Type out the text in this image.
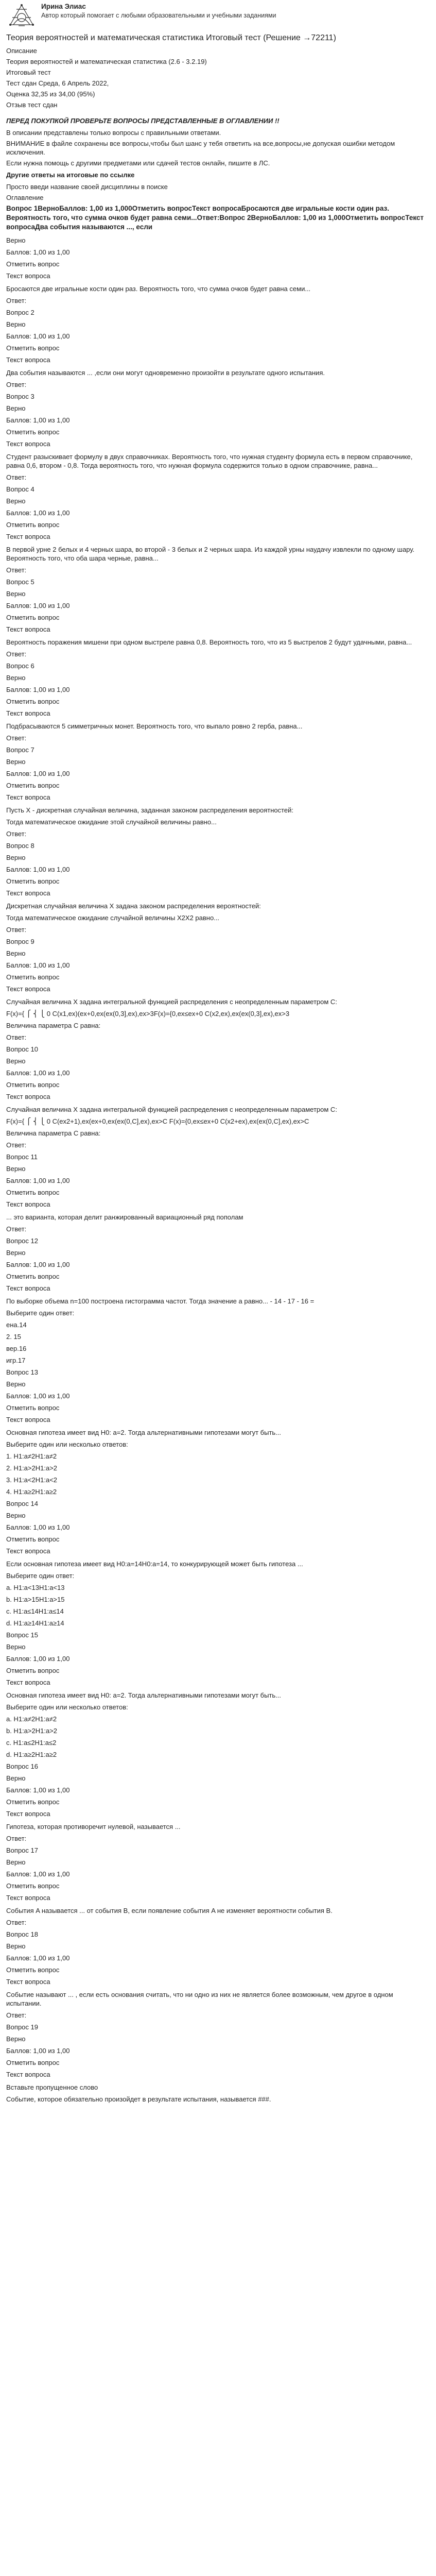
Ирина Элиас
Автор который помогает с любыми образовательными и учебными заданиями
Теория вероятностей и математическая статистика Итоговый тест (Решение →72211)
Описание
Теория вероятностей и математическая статистика (2.6 - 3.2.19)
Итоговый тест
Тест сдан Среда, 6 Апрель 2022,
Оценка 32,35 из 34,00 (95%)
Отзыв тест сдан
ПЕРЕД ПОКУПКОЙ ПРОВЕРЬТЕ ВОПРОСЫ ПРЕДСТАВЛЕННЫЕ В ОГЛАВЛЕНИИ !!
В описании представлены только вопросы с правильными ответами.
ВНИМАНИЕ в файле сохранены все вопросы,чтобы был шанс у тебя ответить на все,вопросы,не допуская ошибки методом исключения.
Если нужна помощь с другими предметами или сдачей тестов онлайн, пишите в ЛС.
Другие ответы на итоговые по ссылке
Просто введи название своей дисциплины в поиске
Оглавление
Вопрос 1ВерноБаллов: 1,00 из 1,000Отметить вопросТекст вопросаБросаются две игральные кости один раз. Вероятность того, что сумма очков будет равна семи...Ответ:Вопрос 2ВерноБаллов: 1,00 из 1,000Отметить вопросТекст вопросаДва события называются ..., если
Верно
Баллов: 1,00 из 1,00
Отметить вопрос
Текст вопроса
Бросаются две игральные кости один раз. Вероятность того, что сумма очков будет равна семи...
Ответ:
Вопрос 2
Верно
Баллов: 1,00 из 1,00
Отметить вопрос
Текст вопроса
Два события называются ... ,если они могут одновременно произойти в результате одного испытания.
Ответ:
Вопрос 3
Верно
Баллов: 1,00 из 1,00
Отметить вопрос
Текст вопроса
Студент разыскивает формулу в двух справочниках. Вероятность того, что нужная студенту формула есть в первом справочнике, равна 0,6, втором - 0,8. Тогда вероятность того, что нужная формула содержится только в одном справочнике, равна...
Ответ:
Вопрос 4
Верно
Баллов: 1,00 из 1,00
Отметить вопрос
Текст вопроса
В первой урне 2 белых и 4 черных шара, во второй - 3 белых и 2 черных шара. Из каждой урны наудачу извлекли по одному шару. Вероятность того, что оба шара черные, равна...
Ответ:
Вопрос 5
Верно
Баллов: 1,00 из 1,00
Отметить вопрос
Текст вопроса
Вероятность поражения мишени при одном выстреле равна 0,8. Вероятность того, что из 5 выстрелов 2 будут удачными, равна...
Ответ:
Вопрос 6
Верно
Баллов: 1,00 из 1,00
Отметить вопрос
Текст вопроса
Подбрасываются 5 симметричных монет. Вероятность того, что выпало ровно 2 герба, равна...
Ответ:
Вопрос 7
Верно
Баллов: 1,00 из 1,00
Отметить вопрос
Текст вопроса
Пусть X - дискретная случайная величина, заданная законом распределения вероятностей:
Тогда математическое ожидание этой случайной величины равно...
Ответ:
Вопрос 8
Верно
Баллов: 1,00 из 1,00
Отметить вопрос
Текст вопроса
Дискретная случайная величина X задана законом распределения вероятностей:
Тогда математическое ожидание случайной величины X2X2 равно...
Ответ:
Вопрос 9
Верно
Баллов: 1,00 из 1,00
Отметить вопрос
Текст вопроса
Случайная величина X задана интегральной функцией распределения с неопределенным параметром C:
F(x)={ ⎧ ⎨ ⎩ 0 C(x1,ex)(ex+0,ex(ex(0,3],ex),ex>3F(x)={0,ex≤ex+0 C(x2,ex),ex(ex(0,3],ex),ex>3
Величина параметра C равна:
Ответ:
Вопрос 10
Верно
Баллов: 1,00 из 1,00
Отметить вопрос
Текст вопроса
Случайная величина X задана интегральной функцией распределения с неопределенным параметром C:
F(x)={ ⎧ ⎨ ⎩ 0 C(ex2+1),ex(ex+0,ex(ex(0,C],ex),ex>C F(x)={0,ex≤ex+0 C(x2+ex),ex(ex(0,C],ex),ex>C
Величина параметра C равна:
Ответ:
Вопрос 11
Верно
Баллов: 1,00 из 1,00
Отметить вопрос
Текст вопроса
... это варианта, которая делит ранжированный вариационный ряд пополам
Ответ:
Вопрос 12
Верно
Баллов: 1,00 из 1,00
Отметить вопрос
Текст вопроса
По выборке объема n=100 построена гистограмма частот. Тогда значение a равно... - 14 - 17 - 16 =
Выберите один ответ:
ена.14
2. 15
вер.16
игр.17
Вопрос 13
Верно
Баллов: 1,00 из 1,00
Отметить вопрос
Текст вопроса
Основная гипотеза имеет вид H0: a=2. Тогда альтернативными гипотезами могут быть...
Выберите один или несколько ответов:
1. H1:a≠2H1:a≠2
2. H1:a>2H1:a>2
3. H1:a<2H1:a<2
4. H1:a≥2H1:a≥2
Вопрос 14
Верно
Баллов: 1,00 из 1,00
Отметить вопрос
Текст вопроса
Если основная гипотеза имеет вид H0:a=14H0:a=14, то конкурирующей может быть гипотеза ...
Выберите один ответ:
a. H1:a<13H1:a<13
b. H1:a>15H1:a>15
c. H1:a≤14H1:a≤14
d. H1:a≥14H1:a≥14
Вопрос 15
Верно
Баллов: 1,00 из 1,00
Отметить вопрос
Текст вопроса
Основная гипотеза имеет вид H0: a=2. Тогда альтернативными гипотезами могут быть...
Выберите один или несколько ответов:
a. H1:a≠2H1:a≠2
b. H1:a>2H1:a>2
c. H1:a≤2H1:a≤2
d. H1:a≥2H1:a≥2
Вопрос 16
Верно
Баллов: 1,00 из 1,00
Отметить вопрос
Текст вопроса
Гипотеза, которая противоречит нулевой, называется ...
Ответ:
Вопрос 17
Верно
Баллов: 1,00 из 1,00
Отметить вопрос
Текст вопроса
События A называется ... от события B, если появление события A не изменяет вероятности события B.
Ответ:
Вопрос 18
Верно
Баллов: 1,00 из 1,00
Отметить вопрос
Текст вопроса
Событие называют ... , если есть основания считать, что ни одно из них не является более возможным, чем другое в одном испытании.
Ответ:
Вопрос 19
Верно
Баллов: 1,00 из 1,00
Отметить вопрос
Текст вопроса
Вставьте пропущенное слово
Событие, которое обязательно произойдет в результате испытания, называется ###.
